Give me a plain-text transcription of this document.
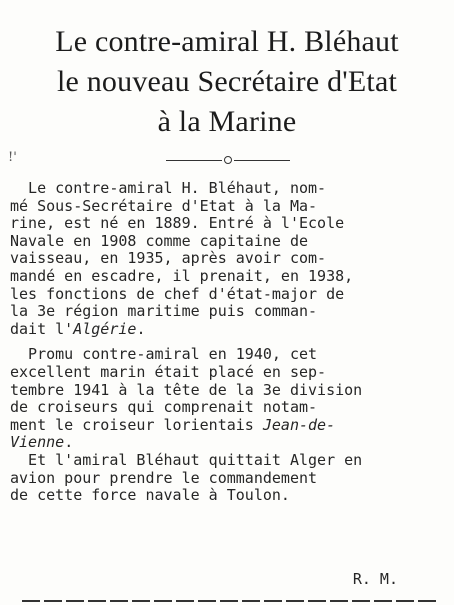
Le contre-amiral H. Bléhaut
le nouveau Secrétaire d'Etat
à la Marine
!'
Le contre-amiral H. Bléhaut, nom-
mé Sous-Secrétaire d'Etat à la Ma-
rine, est né en 1889. Entré à l'Ecole
Navale en 1908 comme capitaine de
vaisseau, en 1935, après avoir com-
mandé en escadre, il prenait, en 1938,
les fonctions de chef d'état-major de
la 3e région maritime puis comman-
dait l'Algérie.
Promu contre-amiral en 1940, cet
excellent marin était placé en sep-
tembre 1941 à la tête de la 3e division
de croiseurs qui comprenait notam-
ment le croiseur lorientais Jean-de-
Vienne.
Et l'amiral Bléhaut quittait Alger en
avion pour prendre le commandement
de cette force navale à Toulon.
R. M.
